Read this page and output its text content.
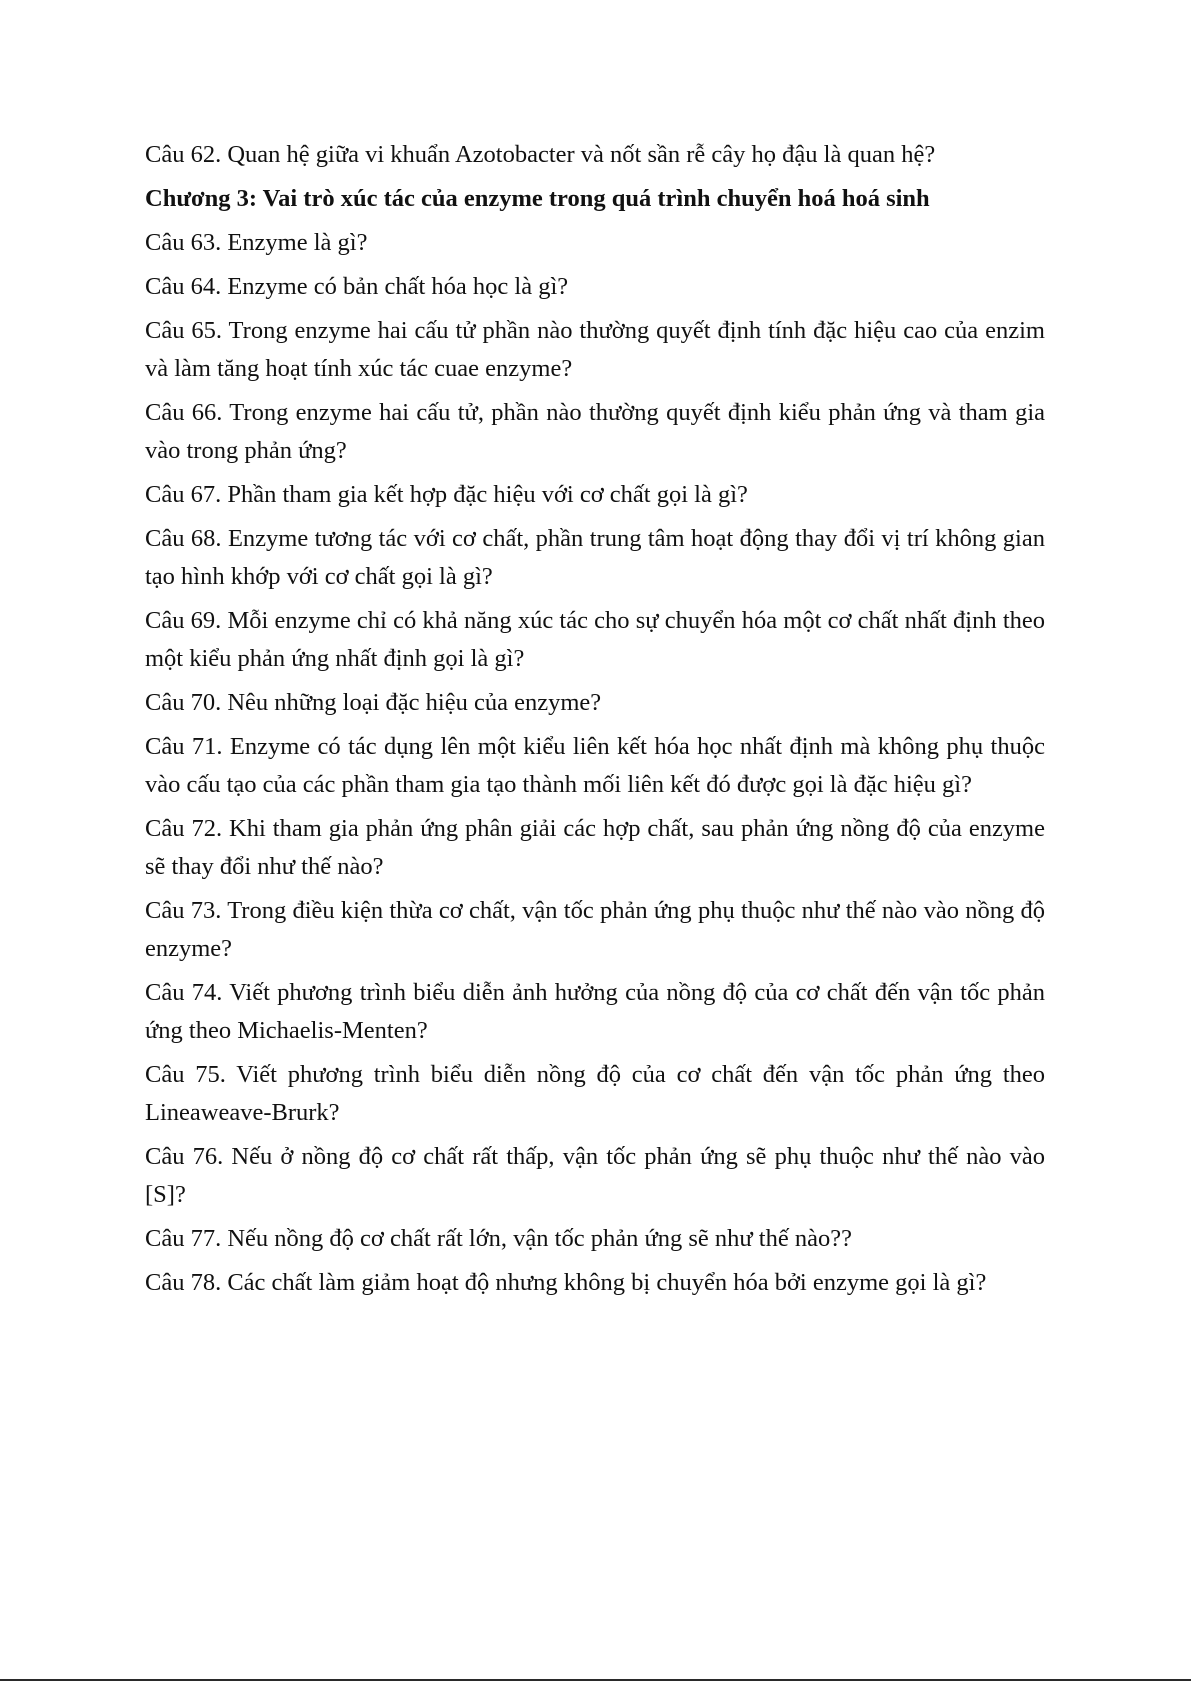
Câu 62. Quan hệ giữa vi khuẩn Azotobacter và nốt sần rễ cây họ đậu là quan hệ?

Chương 3: Vai trò xúc tác của enzyme trong quá trình chuyển hoá hoá sinh

Câu 63. Enzyme là gì?

Câu 64. Enzyme có bản chất hóa học là gì?

Câu 65. Trong enzyme hai cấu tử phần nào thường quyết định tính đặc hiệu cao của enzim và làm tăng hoạt tính xúc tác cuae enzyme?

Câu 66. Trong enzyme hai cấu tử, phần nào thường quyết định kiểu phản ứng và tham gia vào trong phản ứng?

Câu 67. Phần tham gia kết hợp đặc hiệu với cơ chất gọi là gì?

Câu 68. Enzyme tương tác với cơ chất, phần trung tâm hoạt động thay đổi vị trí không gian tạo hình khớp với cơ chất gọi là gì?

Câu 69. Mỗi enzyme chỉ có khả năng xúc tác cho sự chuyển hóa một cơ chất nhất định theo một kiểu phản ứng nhất định gọi là gì?

Câu 70. Nêu những loại đặc hiệu của enzyme?

Câu 71. Enzyme có tác dụng lên một kiểu liên kết hóa học nhất định mà không phụ thuộc vào cấu tạo của các phần tham gia tạo thành mối liên kết đó được gọi là đặc hiệu gì?

Câu 72. Khi tham gia phản ứng phân giải các hợp chất, sau phản ứng nồng độ của enzyme sẽ thay đổi như thế nào?

Câu 73. Trong điều kiện thừa cơ chất, vận tốc phản ứng phụ thuộc như thế nào vào nồng độ enzyme?

Câu 74. Viết phương trình biểu diễn ảnh hưởng của nồng độ của cơ chất đến vận tốc phản ứng theo Michaelis-Menten?

Câu 75. Viết phương trình biểu diễn nồng độ của cơ chất đến vận tốc phản ứng theo Lineaweave-Brurk?

Câu 76. Nếu ở nồng độ cơ chất rất thấp, vận tốc phản ứng sẽ phụ thuộc như thế nào vào [S]?

Câu 77. Nếu nồng độ cơ chất rất lớn, vận tốc phản ứng sẽ như thế nào??

Câu 78. Các chất làm giảm hoạt độ nhưng không bị chuyển hóa bởi enzyme gọi là gì?
